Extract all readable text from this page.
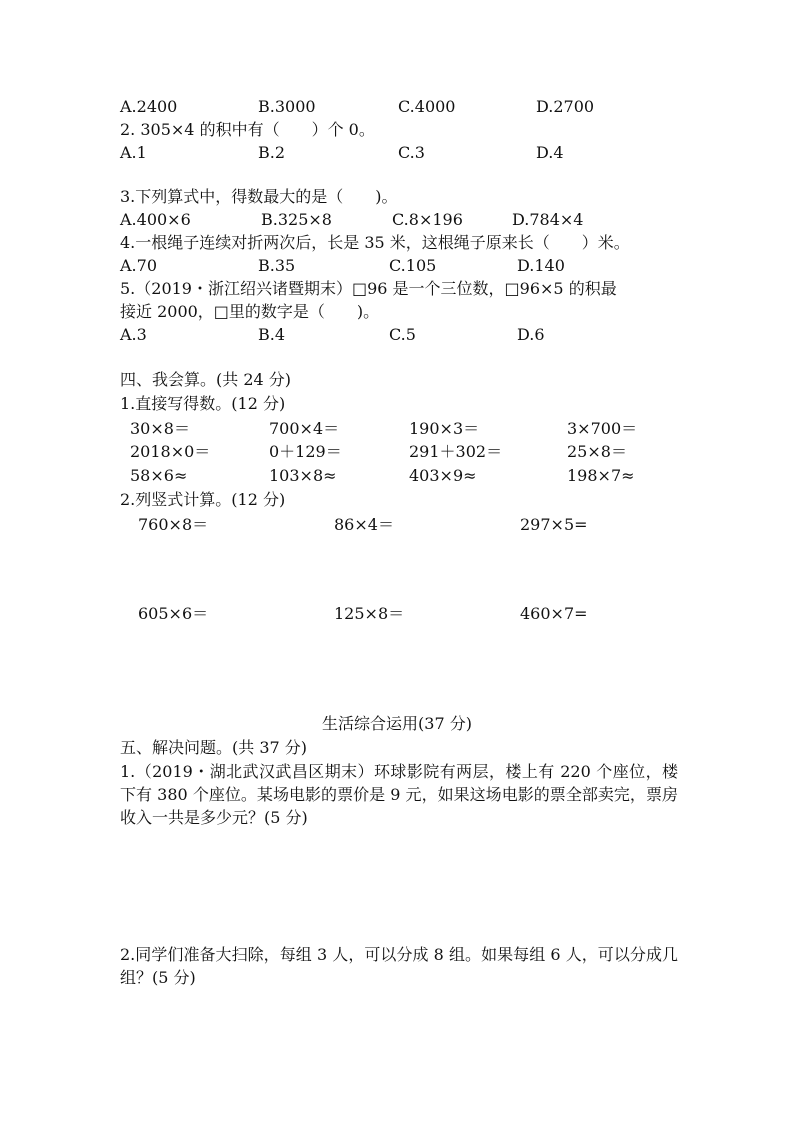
A.2400	B.3000	C.4000	D.2700
2. 305×4 的积中有（　　）个 0。
A.1	B.2	C.3	D.4
3.下列算式中，得数最大的是（　　)。
A.400×6	B.325×8	C.8×196	D.784×4
4.一根绳子连续对折两次后，长是 35 米，这根绳子原来长（　　）米。
A.70	B.35	C.105	D.140
5.（2019・浙江绍兴诸暨期末）□96 是一个三位数，□96×5 的积最
接近 2000，□里的数字是（　　)。
A.3	B.4	C.5	D.6
四、我会算。(共 24 分)
1.直接写得数。(12 分)
30×8＝	700×4＝	190×3＝	3×700＝
2018×0＝	0＋129＝	291＋302＝	25×8＝
58×6≈	103×8≈	403×9≈	198×7≈
2.列竖式计算。(12 分)
760×8＝	86×4＝	297×5=
605×6＝	125×8＝	460×7=
生活综合运用(37 分)
五、解决问题。(共 37 分)
1.（2019・湖北武汉武昌区期末）环球影院有两层，楼上有 220 个座位，楼下有 380 个座位。某场电影的票价是 9 元，如果这场电影的票全部卖完，票房收入一共是多少元？(5 分)
2.同学们准备大扫除，每组 3 人，可以分成 8 组。如果每组 6 人，可以分成几组？(5 分)
